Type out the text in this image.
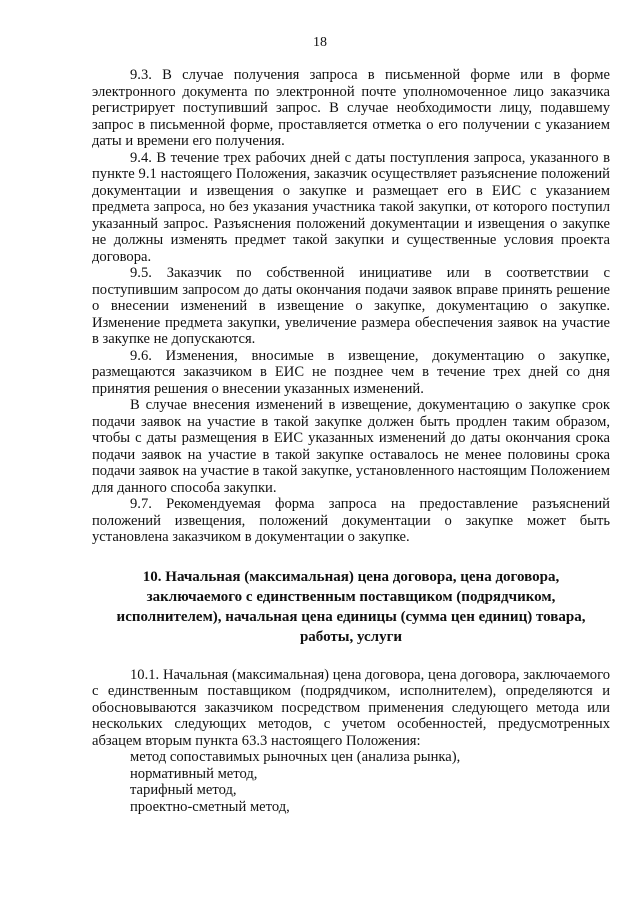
18

9.3. В случае получения запроса в письменной форме или в форме электронного документа по электронной почте уполномоченное лицо заказчика регистрирует поступивший запрос. В случае необходимости лицу, подавшему запрос в письменной форме, проставляется отметка о его получении с указанием даты и времени его получения.

9.4. В течение трех рабочих дней с даты поступления запроса, указанного в пункте 9.1 настоящего Положения, заказчик осуществляет разъяснение положений документации и извещения о закупке и размещает его в ЕИС с указанием предмета запроса, но без указания участника такой закупки, от которого поступил указанный запрос. Разъяснения положений документации и извещения о закупке не должны изменять предмет такой закупки и существенные условия проекта договора.

9.5. Заказчик по собственной инициативе или в соответствии с поступившим запросом до даты окончания подачи заявок вправе принять решение о внесении изменений в извещение о закупке, документацию о закупке. Изменение предмета закупки, увеличение размера обеспечения заявок на участие в закупке не допускаются.

9.6. Изменения, вносимые в извещение, документацию о закупке, размещаются заказчиком в ЕИС не позднее чем в течение трех дней со дня принятия решения о внесении указанных изменений.

В случае внесения изменений в извещение, документацию о закупке срок подачи заявок на участие в такой закупке должен быть продлен таким образом, чтобы с даты размещения в ЕИС указанных изменений до даты окончания срока подачи заявок на участие в такой закупке оставалось не менее половины срока подачи заявок на участие в такой закупке, установленного настоящим Положением для данного способа закупки.

9.7. Рекомендуемая форма запроса на предоставление разъяснений положений извещения, положений документации о закупке может быть установлена заказчиком в документации о закупке.

10. Начальная (максимальная) цена договора, цена договора, заключаемого с единственным поставщиком (подрядчиком, исполнителем), начальная цена единицы (сумма цен единиц) товара, работы, услуги

10.1. Начальная (максимальная) цена договора, цена договора, заключаемого с единственным поставщиком (подрядчиком, исполнителем), определяются и обосновываются заказчиком посредством применения следующего метода или нескольких следующих методов, с учетом особенностей, предусмотренных абзацем вторым пункта 63.3 настоящего Положения:

метод сопоставимых рыночных цен (анализа рынка),
нормативный метод,
тарифный метод,
проектно-сметный метод,
